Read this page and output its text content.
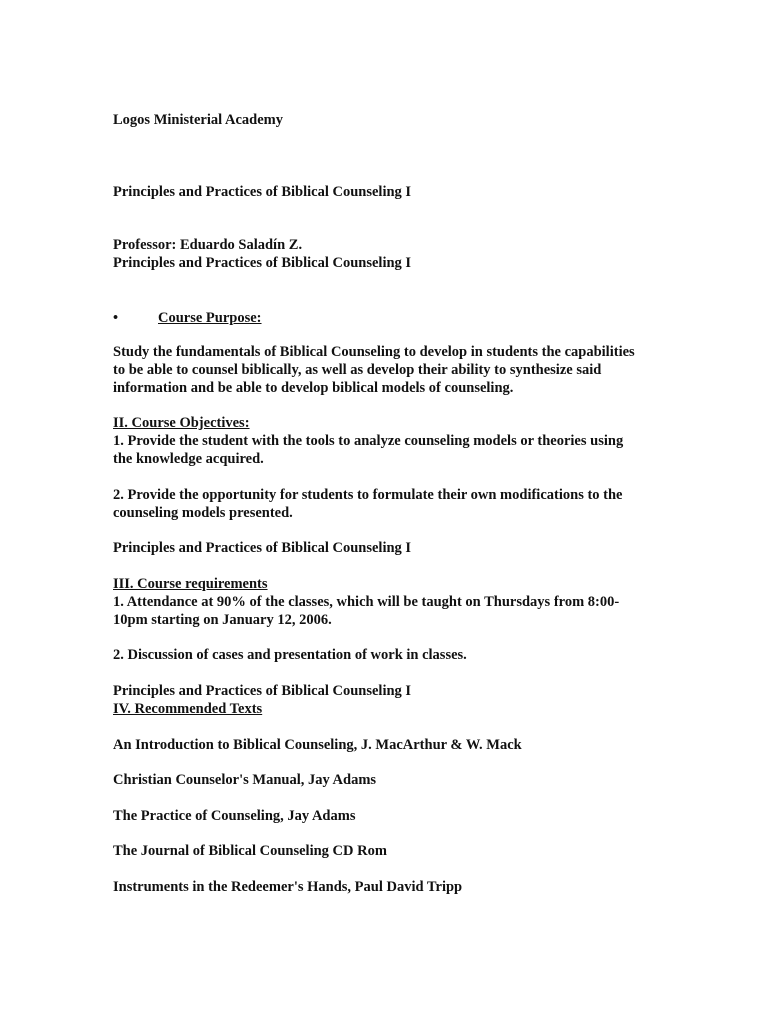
Logos Ministerial Academy
Principles and Practices of Biblical Counseling I
Professor: Eduardo Saladín Z.
Principles and Practices of Biblical Counseling I
•	Course Purpose:
Study the fundamentals of Biblical Counseling to develop in students the capabilities
to be able to counsel biblically, as well as develop their ability to synthesize said
information and be able to develop biblical models of counseling.
II. Course Objectives:
1. Provide the student with the tools to analyze counseling models or theories using
the knowledge acquired.
2. Provide the opportunity for students to formulate their own modifications to the
counseling models presented.
Principles and Practices of Biblical Counseling I
III. Course requirements
1. Attendance at 90% of the classes, which will be taught on Thursdays from 8:00-
10pm starting on January 12, 2006.
2. Discussion of cases and presentation of work in classes.
Principles and Practices of Biblical Counseling I
IV. Recommended Texts
An Introduction to Biblical Counseling, J. MacArthur & W. Mack
Christian Counselor's Manual, Jay Adams
The Practice of Counseling, Jay Adams
The Journal of Biblical Counseling CD Rom
Instruments in the Redeemer's Hands, Paul David Tripp
